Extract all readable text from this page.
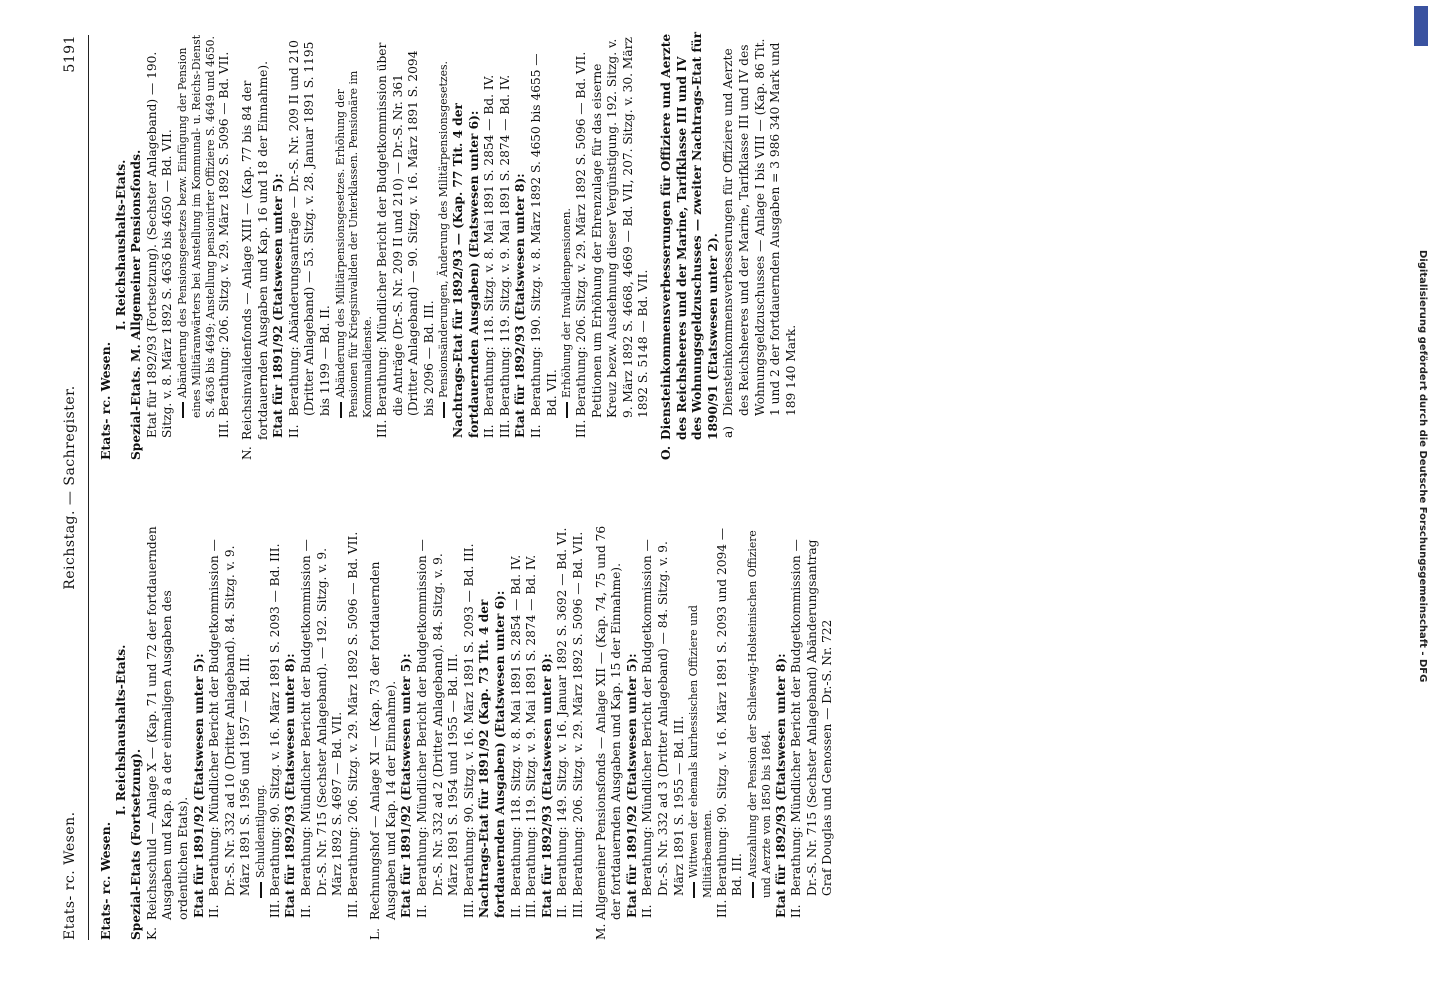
Etats- rc. Wesen.
Reichstag. — Sachregister.
5191
Etats- rc. Wesen.
I. Reichshaushalts-Etats.
Spezial-Etats (Fortsetzung). K.
Reichsschuld — Anlage X — (Kap. 71 und 72 der fortdauernden Ausgaben und Kap. 8 a der einmaligen Ausgaben des ordentlichen Etats). Etat für 1891/92 (Etatswesen unter 5): II.
Berathung: Mündlicher Bericht der Budgetkommission — Dr.-S. Nr. 332 ad 10 (Dritter Anlageband). 84. Sitzg. v. 9. März 1891 S. 1956 und 1957 — Bd. III. Schuldentilgung.
III.
Berathung: 90. Sitzg. v. 16. März 1891 S. 2093 — Bd. III. Etat für 1892/93 (Etatswesen unter 8): II.
Berathung: Mündlicher Bericht der Budgetkommission — Dr.-S. Nr. 715 (Sechster Anlageband). — 192. Sitzg. v. 9. März 1892 S. 4697 — Bd. VII.
III.
Berathung: 206. Sitzg. v. 29. März 1892 S. 5096 — Bd. VII.
L.
Rechnungshof — Anlage XI — (Kap. 73 der fortdauernden Ausgaben und Kap. 14 der Einnahme). Etat für 1891/92 (Etatswesen unter 5): II.
Berathung: Mündlicher Bericht der Budgetkommission — Dr.-S. Nr. 332 ad 2 (Dritter Anlageband). 84. Sitzg. v. 9. März 1891 S. 1954 und 1955 — Bd. III.
III.
Berathung: 90. Sitzg. v. 16. März 1891 S. 2093 — Bd. III. Nachtrags-Etat für 1891/92 (Kap. 73 Tit. 4 der fortdauernden Ausgaben) (Etatswesen unter 6): II.
Berathung: 118. Sitzg. v. 8. Mai 1891 S. 2854 — Bd. IV.
III.
Berathung: 119. Sitzg. v. 9. Mai 1891 S. 2874 — Bd. IV. Etat für 1892/93 (Etatswesen unter 8): II.
Berathung: 149. Sitzg. v. 16. Januar 1892 S. 3692 — Bd. VI.
III.
Berathung: 206. Sitzg. v. 29. März 1892 S. 5096 — Bd. VII.
M.
Allgemeiner Pensionsfonds — Anlage XII — (Kap. 74, 75 und 76 der fortdauernden Ausgaben und Kap. 15 der Einnahme). Etat für 1891/92 (Etatswesen unter 5): II.
Berathung: Mündlicher Bericht der Budgetkommission — Dr.-S. Nr. 332 ad 3 (Dritter Anlageband) — 84. Sitzg. v. 9. März 1891 S. 1955 — Bd. III. Wittwen der ehemals kurhessischen Offiziere und Militärbeamten.
III.
Berathung: 90. Sitzg. v. 16. März 1891 S. 2093 und 2094 — Bd. III. Auszahlung der Pension der Schleswig-Holsteinischen Offiziere und Aerzte von 1850 bis 1864. Etat für 1892/93 (Etatswesen unter 8): II.
Berathung: Mündlicher Bericht der Budgetkommission — Dr.-S. Nr. 715 (Sechster Anlageband) Abänderungsantrag Graf Douglas und Genossen — Dr.-S. Nr. 722
Etats- rc. Wesen.
I. Reichshaushalts-Etats. Spezial-Etats. M. Allgemeiner Pensionsfonds. Etat für 1892/93 (Fortsetzung). (Sechster Anlageband) — 190. Sitzg. v. 8. März 1892 S. 4636 bis 4650 — Bd. VII. Abänderung des Pensionsgesetzes bezw. Einfügung der Pension eines Militäranwärters bei Anstellung im Kommunal- u. Reichs-Dienst S. 4636 bis 4649; Anstellung pensionirter Offiziere S. 4649 und 4650.
III.
Berathung: 206. Sitzg. v. 29. März 1892 S. 5096 — Bd. VII.
N.
Reichsinvalidenfonds — Anlage XIII — (Kap. 77 bis 84 der fortdauernden Ausgaben und Kap. 16 und 18 der Einnahme). Etat für 1891/92 (Etatswesen unter 5): II.
Berathung: Abänderungsanträge — Dr.-S. Nr. 209 II und 210 (Dritter Anlageband) — 53. Sitzg. v. 28. Januar 1891 S. 1195 bis 1199 — Bd. II. Abänderung des Militärpensionsgesetzes. Erhöhung der Pensionen für Kriegsinvaliden der Unterklassen. Pensionäre im Kommunaldienste.
III.
Berathung: Mündlicher Bericht der Budgetkommission über die Anträge (Dr.-S. Nr. 209 II und 210) — Dr.-S. Nr. 361 (Dritter Anlageband) — 90. Sitzg. v. 16. März 1891 S. 2094 bis 2096 — Bd. III. Pensionsänderungen, Änderung des Militärpensionsgesetzes. Nachtrags-Etat für 1892/93 — (Kap. 77 Tit. 4 der fortdauernden Ausgaben) (Etatswesen unter 6): II.
Berathung: 118. Sitzg. v. 8. Mai 1891 S. 2854 — Bd. IV.
III.
Berathung: 119. Sitzg. v. 9. Mai 1891 S. 2874 — Bd. IV. Etat für 1892/93 (Etatswesen unter 8): II.
Berathung: 190. Sitzg. v. 8. März 1892 S. 4650 bis 4655 — Bd. VII. Erhöhung der Invalidenpensionen.
III.
Berathung: 206. Sitzg. v. 29. März 1892 S. 5096 — Bd. VII. Petitionen um Erhöhung der Ehrenzulage für das eiserne Kreuz bezw. Ausdehnung dieser Vergünstigung. 192. Sitzg. v. 9. März 1892 S. 4668, 4669 — Bd. VII, 207. Sitzg. v. 30. März 1892 S. 5148 — Bd. VII.
O.
Diensteinkommensverbesserungen für Offiziere und Aerzte des Reichsheeres und der Marine, Tarifklasse III und IV des Wohnungsgeldzuschusses — zweiter Nachtrags-Etat für 1890/91 (Etatswesen unter 2). a)
Diensteinkommensverbesserungen für Offiziere und Aerzte des Reichsheeres und der Marine, Tarifklasse III und IV des Wohnungsgeldzuschusses — Anlage I bis VIII — (Kap. 86 Tit. 1 und 2 der fortdauernden Ausgaben = 3 986 340 Mark und 189 140 Mark.	Digitalisierung gefördert durch die Deutsche Forschungsgemeinschaft - DFG
